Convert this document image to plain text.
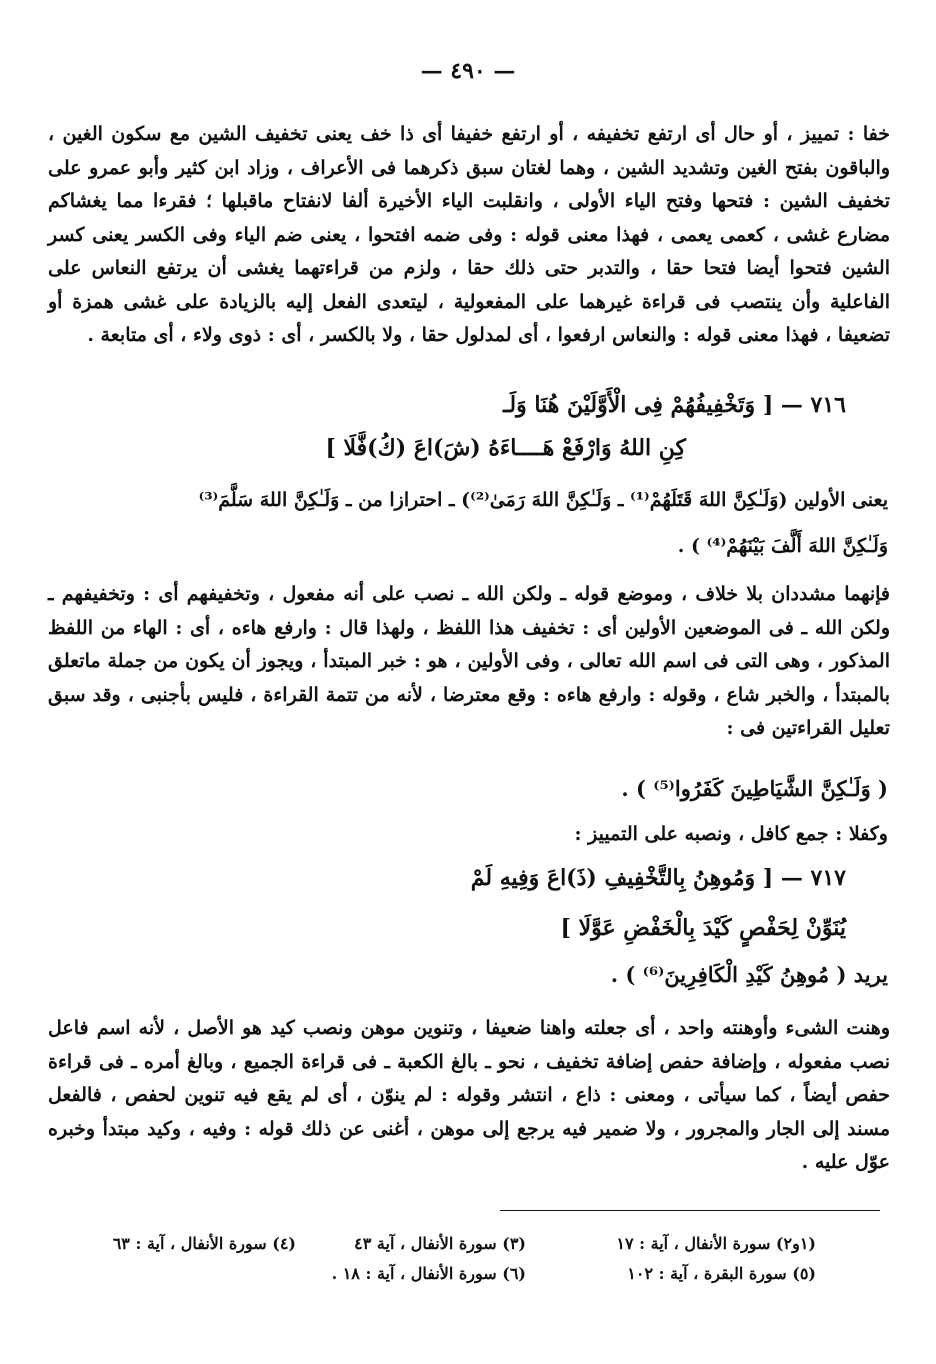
— ٤٩٠ —
خفا : تمييز ، أو حال أى ارتفع تخفيفه ، أو ارتفع خفيفا أى ذا خف يعنى تخفيف الشين مع سكون الغين ، والباقون بفتح الغين وتشديد الشين ، وهما لغتان سبق ذكرهما فى الأعراف ، وزاد ابن كثير وأبو عمرو على تخفيف الشين : فتحها وفتح الياء الأولى ، وانقلبت الياء الأخيرة ألفا لانفتاح ماقبلها ؛ فقرءا مما يغشاكم مضارع غشى ، كعمى يعمى ، فهذا معنى قوله : وفى ضمه افتحوا ، يعنى ضم الياء وفى الكسر يعنى كسر الشين فتحوا أيضا فتحا حقا ، والتدبر حتى ذلك حقا ، ولزم من قراءتهما يغشى أن يرتفع النعاس على الفاعلية وأن ينتصب فى قراءة غيرهما على المفعولية ، ليتعدى الفعل إليه بالزيادة على غشى همزة أو تضعيفا ، فهذا معنى قوله : والنعاس ارفعوا ، أى لمدلول حقا ، ولا بالكسر ، أى : ذوى ولاء ، أى متابعة .
٧١٦ — [ وَتَخْفِيفُهُمْ فِى الْأَوَّلَيْنَ هُنَا وَلَـ
كِنِ اللهُ وَارْفَعْ هَــــاءَهُ (شَ)اعَ (كُ)فَّلَا ]
يعنى الأولين (وَلَـٰكِنَّ اللهَ قَتَلَهُمْ⁽¹⁾ ـ وَلَـٰكِنَّ اللهَ رَمَىٰ⁽²⁾) ـ احترازا من ـ وَلَـٰكِنَّ اللهَ سَلَّمَ⁽³⁾
وَلَـٰكِنَّ اللهَ أَلَّفَ بَيْنَهُمْ⁽⁴⁾ ) .
فإنهما مشددان بلا خلاف ، وموضع قوله ـ ولكن الله ـ نصب على أنه مفعول ، وتخفيفهم أى : وتخفيفهم ـ ولكن الله ـ فى الموضعين الأولين أى : تخفيف هذا اللفظ ، ولهذا قال : وارفع هاءه ، أى : الهاء من اللفظ المذكور ، وهى التى فى اسم الله تعالى ، وفى الأولين ، هو : خبر المبتدأ ، ويجوز أن يكون من جملة ماتعلق بالمبتدأ ، والخبر شاع ، وقوله : وارفع هاءه : وقع معترضا ، لأنه من تتمة القراءة ، فليس بأجنبى ، وقد سبق تعليل القراءتين فى :
( وَلَـٰكِنَّ الشَّيَاطِينَ كَفَرُوا⁽⁵⁾ ) .
وكفلا : جمع كافل ، ونصبه على التمييز :
٧١٧ — [ وَمُوهِنُ بِالتَّخْفِيفِ (ذَ)اعَ وَفِيهِ لَمْ
يُنَوِّنْ لِحَفْصٍ كَيْدَ بِالْخَفْضِ عَوَّلَا ]
يريد ( مُوهِنُ كَيْدِ الْكَافِرِينَ⁽⁶⁾ ) .
وهنت الشىء وأوهنته واحد ، أى جعلته واهنا ضعيفا ، وتنوين موهن ونصب كيد هو الأصل ، لأنه اسم فاعل نصب مفعوله ، وإضافة حفص إضافة تخفيف ، نحو ـ بالغ الكعبة ـ فى قراءة الجميع ، وبالغ أمره ـ فى قراءة حفص أيضاً ، كما سيأتى ، ومعنى : ذاع ، انتشر وقوله : لم ينوّن ، أى لم يقع فيه تنوين لحفص ، فالفعل مسند إلى الجار والمجرور ، ولا ضمير فيه يرجع إلى موهن ، أغنى عن ذلك قوله : وفيه ، وكيد مبتدأ وخبره عوّل عليه .
(١و٢) سورة الأنفال ، آية : ١٧
(٣) سورة الأنفال ، آية ٤٣
(٤) سورة الأنفال ، آية : ٦٣
(٥) سورة البقرة ، آية : ١٠٢
(٦) سورة الأنفال ، آية : ١٨ .
